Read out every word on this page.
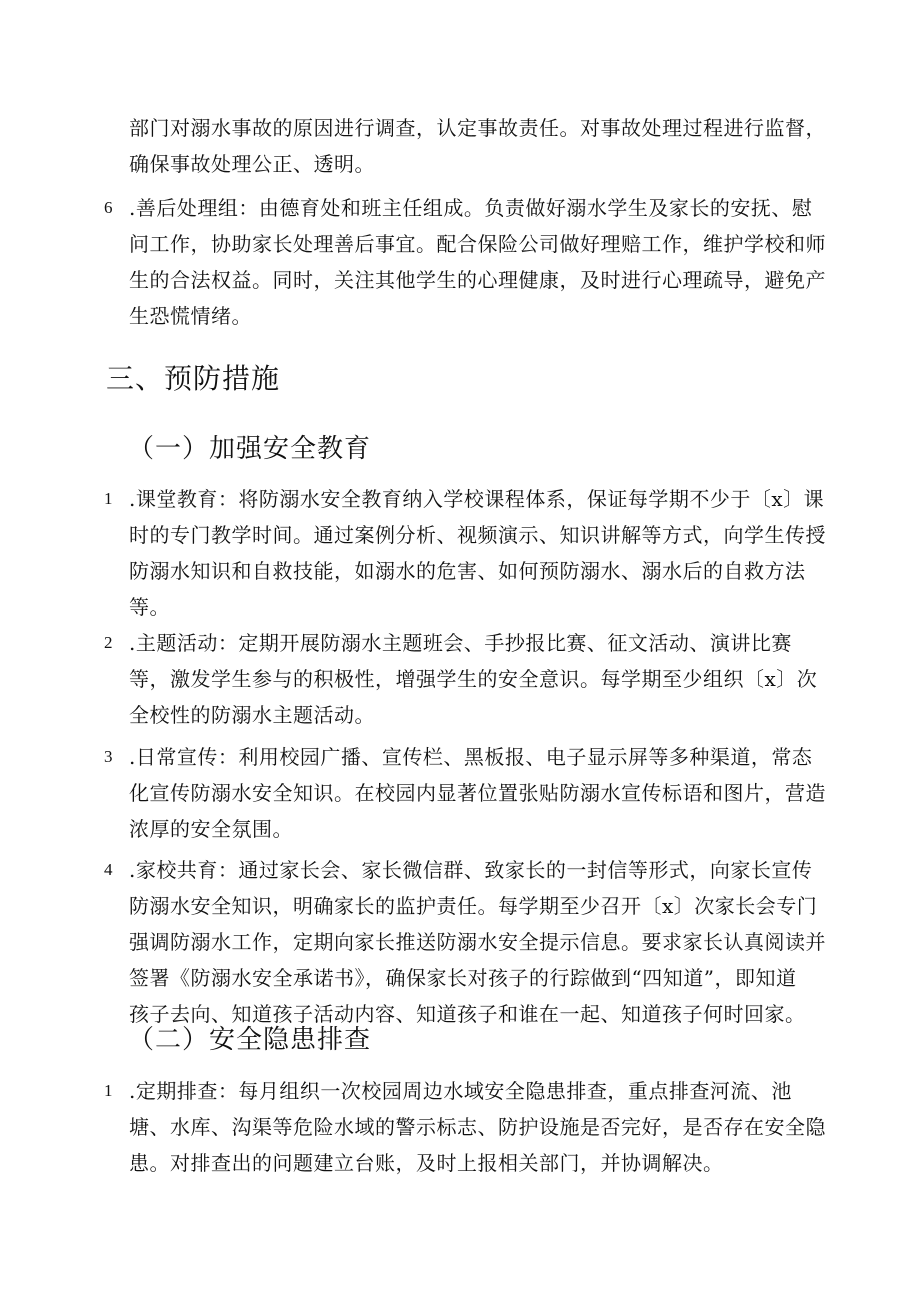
部门对溺水事故的原因进行调查，认定事故责任。对事故处理过程进行监督，
确保事故处理公正、透明。
6 .善后处理组：由德育处和班主任组成。负责做好溺水学生及家长的安抚、慰
问工作，协助家长处理善后事宜。配合保险公司做好理赔工作，维护学校和师
生的合法权益。同时，关注其他学生的心理健康，及时进行心理疏导，避免产
生恐慌情绪。
三、预防措施
（一）加强安全教育
1 .课堂教育：将防溺水安全教育纳入学校课程体系，保证每学期不少于〔x〕课
时的专门教学时间。通过案例分析、视频演示、知识讲解等方式，向学生传授
防溺水知识和自救技能，如溺水的危害、如何预防溺水、溺水后的自救方法
等。
2 .主题活动：定期开展防溺水主题班会、手抄报比赛、征文活动、演讲比赛
等，激发学生参与的积极性，增强学生的安全意识。每学期至少组织〔x〕次
全校性的防溺水主题活动。
3 .日常宣传：利用校园广播、宣传栏、黑板报、电子显示屏等多种渠道，常态
化宣传防溺水安全知识。在校园内显著位置张贴防溺水宣传标语和图片，营造
浓厚的安全氛围。
4 .家校共育：通过家长会、家长微信群、致家长的一封信等形式，向家长宣传
防溺水安全知识，明确家长的监护责任。每学期至少召开〔x〕次家长会专门
强调防溺水工作，定期向家长推送防溺水安全提示信息。要求家长认真阅读并
签署《防溺水安全承诺书》，确保家长对孩子的行踪做到“四知道”，即知道
孩子去向、知道孩子活动内容、知道孩子和谁在一起、知道孩子何时回家。
（二）安全隐患排查
1 .定期排查：每月组织一次校园周边水域安全隐患排查，重点排查河流、池
塘、水库、沟渠等危险水域的警示标志、防护设施是否完好，是否存在安全隐
患。对排查出的问题建立台账，及时上报相关部门，并协调解决。
